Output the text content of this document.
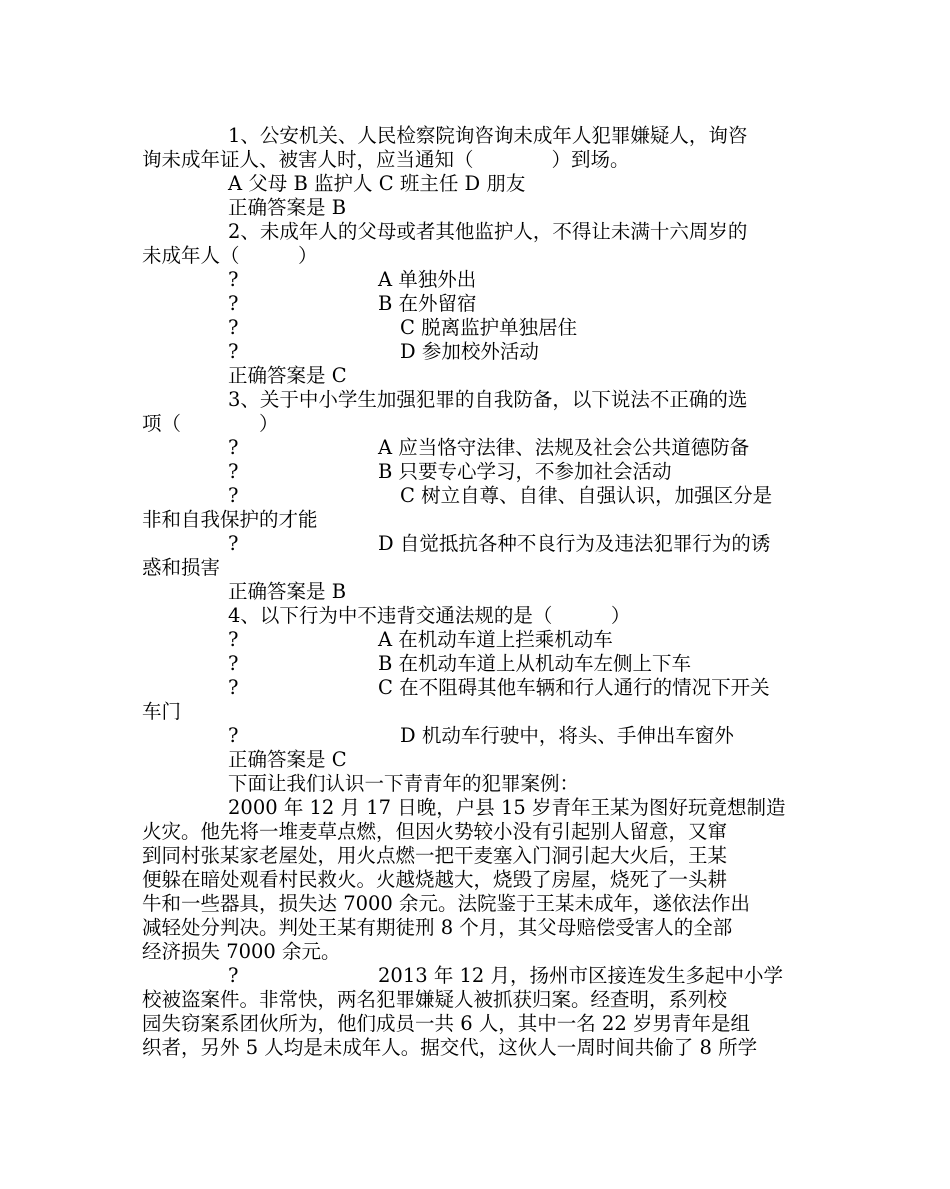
1、公安机关、人民检察院询咨询未成年人犯罪嫌疑人，询咨
询未成年证人、被害人时，应当通知（　　　　）到场。
A 父母 B 监护人 C 班主任 D 朋友
正确答案是 B
2、未成年人的父母或者其他监护人，不得让未满十六周岁的
未成年人（　　　）
?	A 单独外出
?	B 在外留宿
?	C 脱离监护单独居住
?	D 参加校外活动
正确答案是 C
3、关于中小学生加强犯罪的自我防备，以下说法不正确的选
项（　　　　）
?	A 应当恪守法律、法规及社会公共道德防备
?	B 只要专心学习，不参加社会活动
?	C 树立自尊、自律、自强认识，加强区分是
非和自我保护的才能
?	D 自觉抵抗各种不良行为及违法犯罪行为的诱
惑和损害
正确答案是 B
4、以下行为中不违背交通法规的是（　　　）
?	A 在机动车道上拦乘机动车
?	B 在机动车道上从机动车左侧上下车
?	C 在不阻碍其他车辆和行人通行的情况下开关
车门
?	D 机动车行驶中，将头、手伸出车窗外
正确答案是 C
下面让我们认识一下青青年的犯罪案例：
2000 年 12 月 17 日晚，户县 15 岁青年王某为图好玩竟想制造
火灾。他先将一堆麦草点燃，但因火势较小没有引起别人留意，又窜
到同村张某家老屋处，用火点燃一把干麦塞入门洞引起大火后，王某
便躲在暗处观看村民救火。火越烧越大，烧毁了房屋，烧死了一头耕
牛和一些器具，损失达 7000 余元。法院鉴于王某未成年，遂依法作出
减轻处分判决。判处王某有期徒刑 8 个月，其父母赔偿受害人的全部
经济损失 7000 余元。
?	2013 年 12 月，扬州市区接连发生多起中小学
校被盗案件。非常快，两名犯罪嫌疑人被抓获归案。经查明，系列校
园失窃案系团伙所为，他们成员一共 6 人，其中一名 22 岁男青年是组
织者，另外 5 人均是未成年人。据交代，这伙人一周时间共偷了 8 所学
